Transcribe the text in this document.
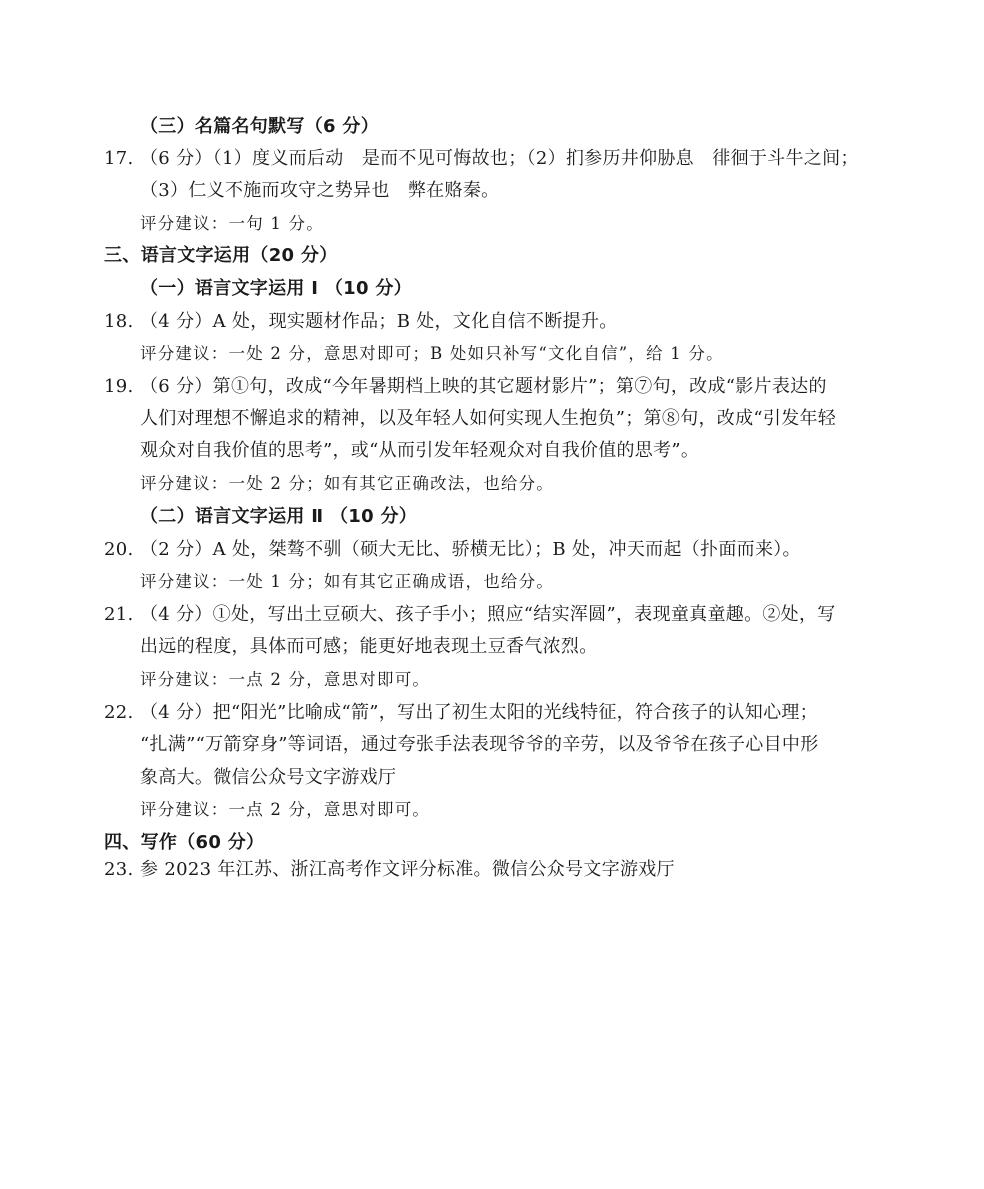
（三）名篇名句默写（6 分）
17. （6 分）（1）度义而后动　是而不见可悔故也；（2）扪参历井仰胁息　徘徊于斗牛之间；
（3）仁义不施而攻守之势异也　弊在赂秦。
评分建议：一句 1 分。
三、语言文字运用（20 分）
（一）语言文字运用 Ⅰ （10 分）
18. （4 分）A 处，现实题材作品；B 处，文化自信不断提升。
评分建议：一处 2 分，意思对即可；B 处如只补写“文化自信”，给 1 分。
19. （6 分）第①句，改成“今年暑期档上映的其它题材影片”；第⑦句，改成“影片表达的
人们对理想不懈追求的精神，以及年轻人如何实现人生抱负”；第⑧句，改成“引发年轻
观众对自我价值的思考”，或“从而引发年轻观众对自我价值的思考”。
评分建议：一处 2 分；如有其它正确改法，也给分。
（二）语言文字运用 Ⅱ （10 分）
20. （2 分）A 处，桀骜不驯（硕大无比、骄横无比）；B 处，冲天而起（扑面而来）。
评分建议：一处 1 分；如有其它正确成语，也给分。
21. （4 分）①处，写出土豆硕大、孩子手小；照应“结实浑圆”，表现童真童趣。②处，写
出远的程度，具体而可感；能更好地表现土豆香气浓烈。
评分建议：一点 2 分，意思对即可。
22. （4 分）把“阳光”比喻成“箭”，写出了初生太阳的光线特征，符合孩子的认知心理；
“扎满”“万箭穿身”等词语，通过夸张手法表现爷爷的辛劳，以及爷爷在孩子心目中形
象高大。微信公众号文字游戏厅
评分建议：一点 2 分，意思对即可。
四、写作（60 分）
23. 参 2023 年江苏、浙江高考作文评分标准。微信公众号文字游戏厅
